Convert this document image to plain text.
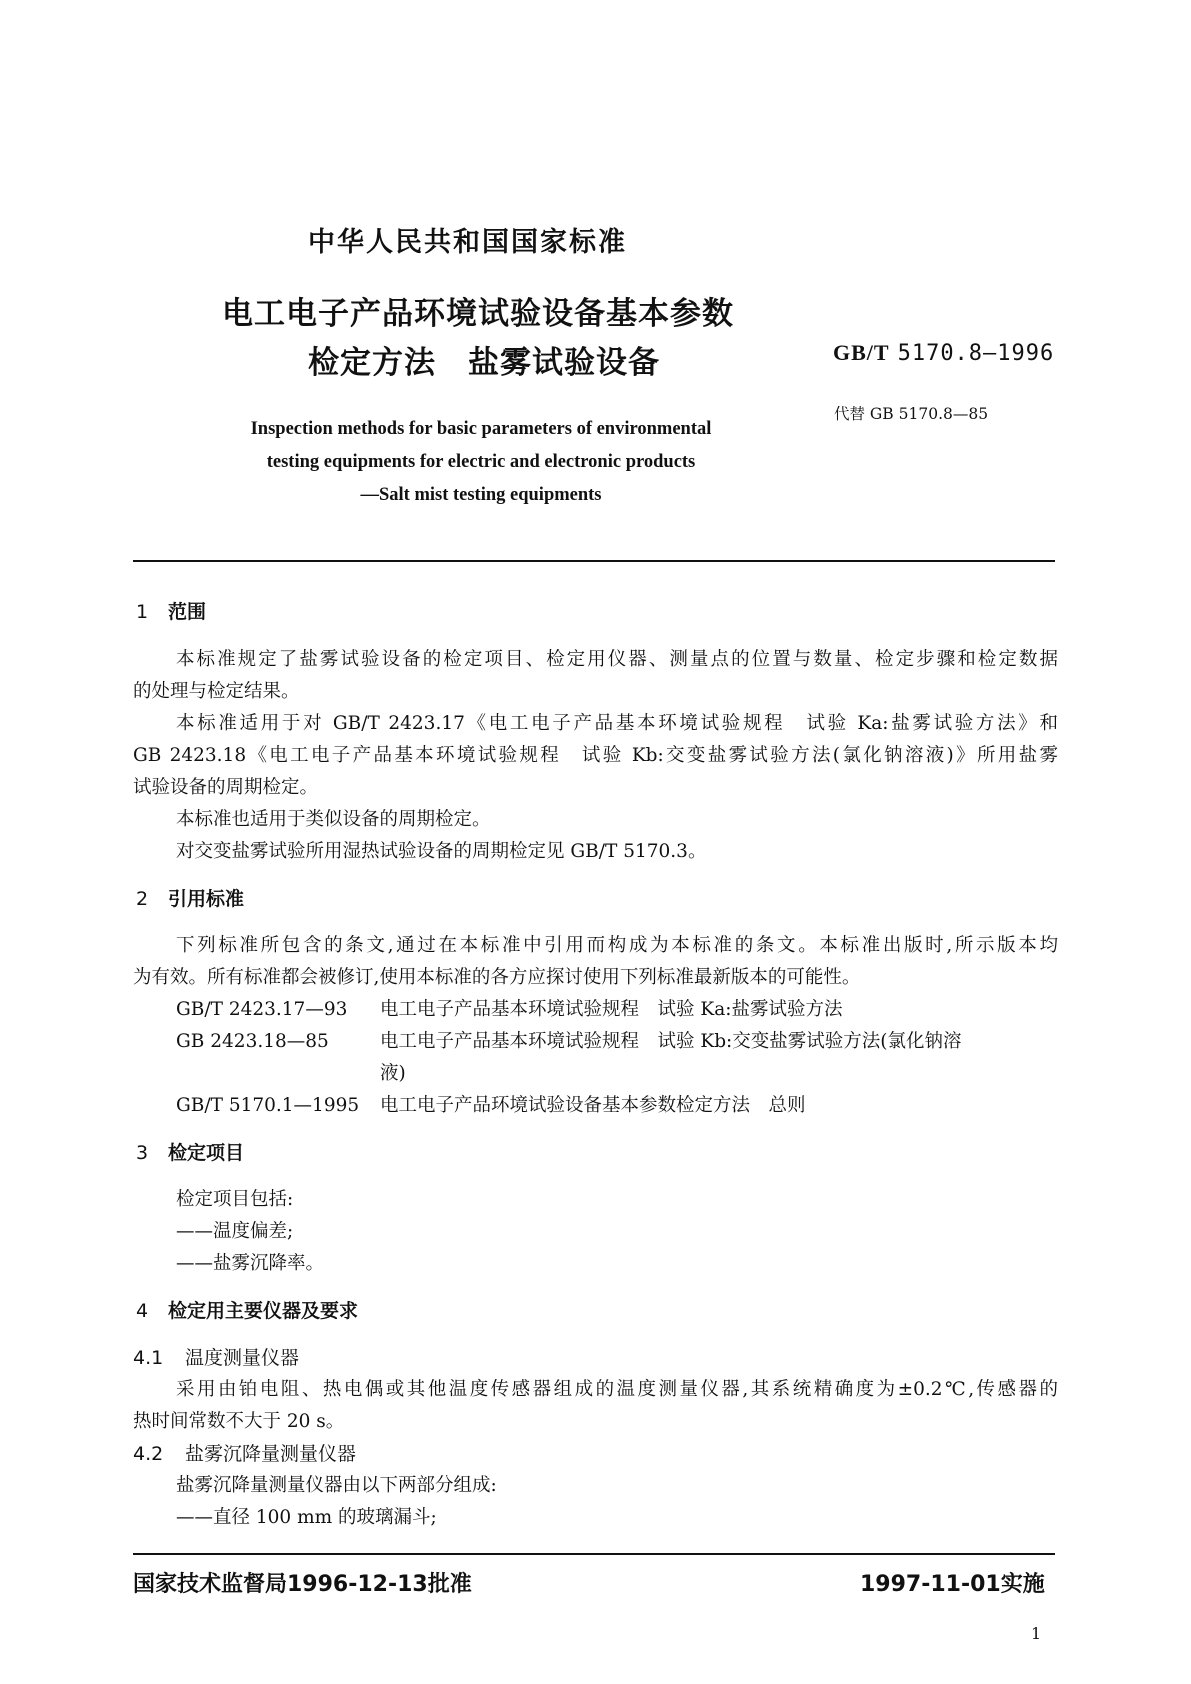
中华人民共和国国家标准
电工电子产品环境试验设备基本参数
检定方法　盐雾试验设备	GB/T 5170.8—1996
代替 GB 5170.8—85
Inspection methods for basic parameters of environmental
testing equipments for electric and electronic products
—Salt mist testing equipments
1 范围
本标准规定了盐雾试验设备的检定项目、检定用仪器、测量点的位置与数量、检定步骤和检定数据
的处理与检定结果。
本标准适用于对 GB/T 2423.17《电工电子产品基本环境试验规程　试验 Ka:盐雾试验方法》和
GB 2423.18《电工电子产品基本环境试验规程　试验 Kb:交变盐雾试验方法(氯化钠溶液)》所用盐雾
试验设备的周期检定。
本标准也适用于类似设备的周期检定。
对交变盐雾试验所用湿热试验设备的周期检定见 GB/T 5170.3。
2 引用标准
下列标准所包含的条文,通过在本标准中引用而构成为本标准的条文。本标准出版时,所示版本均
为有效。所有标准都会被修订,使用本标准的各方应探讨使用下列标准最新版本的可能性。
GB/T 2423.17—93 电工电子产品基本环境试验规程　试验 Ka:盐雾试验方法
GB 2423.18—85	电工电子产品基本环境试验规程　试验 Kb:交变盐雾试验方法(氯化钠溶
液)
GB/T 5170.1—1995 电工电子产品环境试验设备基本参数检定方法　总则
3 检定项目
检定项目包括:
——温度偏差;
——盐雾沉降率。
4 检定用主要仪器及要求
4.1 温度测量仪器
采用由铂电阻、热电偶或其他温度传感器组成的温度测量仪器,其系统精确度为±0.2℃,传感器的
热时间常数不大于 20 s。
4.2 盐雾沉降量测量仪器
盐雾沉降量测量仪器由以下两部分组成:
——直径 100 mm 的玻璃漏斗;
国家技术监督局1996-12-13批准	1997-11-01实施
1
